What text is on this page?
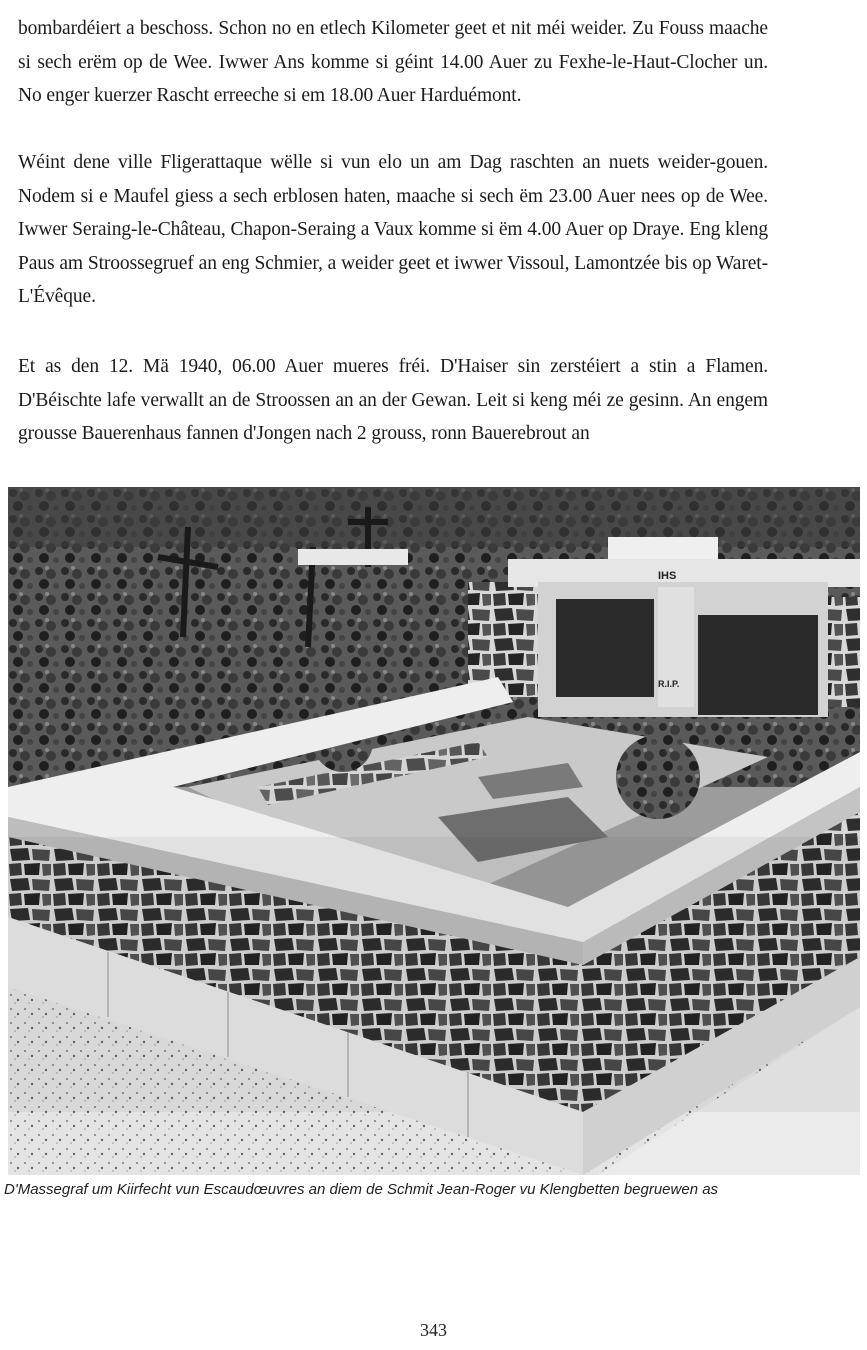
bombardéiert a beschoss. Schon no en etlech Kilometer geet et nit méi weider. Zu Fouss maache si sech erëm op de Wee. Iwwer Ans komme si géint 14.00 Auer zu Fexhe-le-Haut-Clocher un. No enger kuerzer Rascht erreeche si em 18.00 Auer Harduémont.

Wéint dene ville Fligerattaque wëlle si vun elo un am Dag raschten an nuets weider-gouen. Nodem si e Maufel giess a sech erblosen haten, maache si sech ëm 23.00 Auer nees op de Wee. Iwwer Seraing-le-Château, Chapon-Seraing a Vaux komme si ëm 4.00 Auer op Draye. Eng kleng Paus am Stroossegruef an eng Schmier, a weider geet et iwwer Vissoul, Lamontzée bis op Waret-L'Évêque.

Et as den 12. Mä 1940, 06.00 Auer mueres fréi. D'Haiser sin zerstéiert a stin a Flamen. D'Béischte lafe verwallt an de Stroossen an an der Gewan. Leit si keng méi ze gesinn. An engem grousse Bauerenhaus fannen d'Jongen nach 2 grouss, ronn Bauerebrout an

IHS
R.I.P.

D'Massegraf um Kiirfecht vun Escaudœuvres an diem de Schmit Jean-Roger vu Klengbetten begruewen as

343
